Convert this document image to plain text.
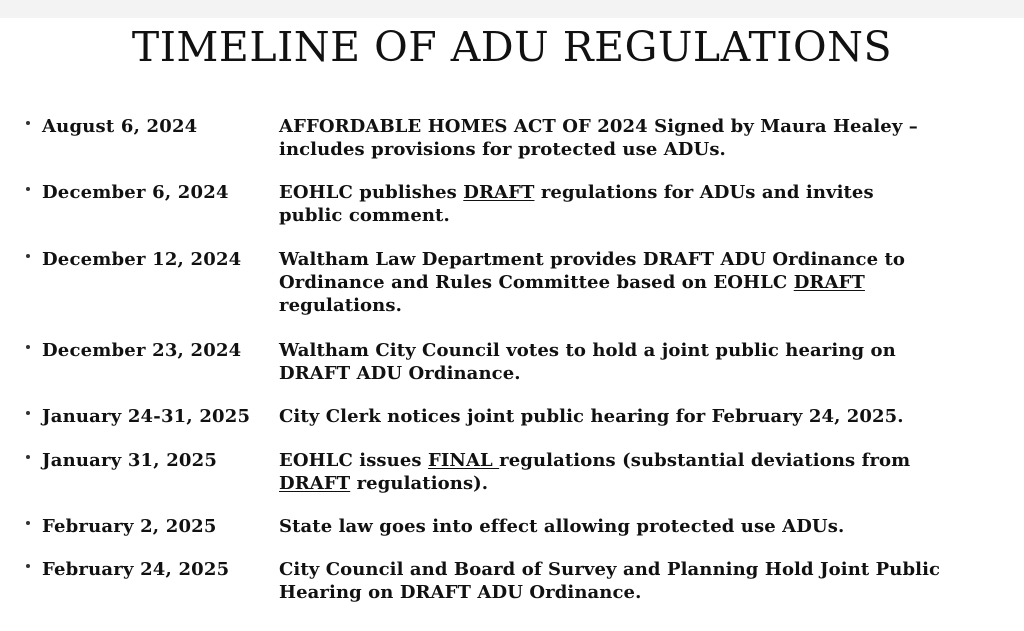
TIMELINE OF ADU REGULATIONS
August 6, 2024	AFFORDABLE HOMES ACT OF 2024 Signed by Maura Healey –
includes provisions for protected use ADUs.
December 6, 2024	EOHLC publishes DRAFT regulations for ADUs and invites
public comment.
December 12, 2024 Waltham Law Department provides DRAFT ADU Ordinance to
Ordinance and Rules Committee based on EOHLC DRAFT
regulations.
December 23, 2024 Waltham City Council votes to hold a joint public hearing on
DRAFT ADU Ordinance.
January 24-31, 2025 City Clerk notices joint public hearing for February 24, 2025.
January 31, 2025	EOHLC issues FINAL regulations (substantial deviations from
DRAFT regulations).
February 2, 2025	State law goes into effect allowing protected use ADUs.
February 24, 2025	City Council and Board of Survey and Planning Hold Joint Public
Hearing on DRAFT ADU Ordinance.
